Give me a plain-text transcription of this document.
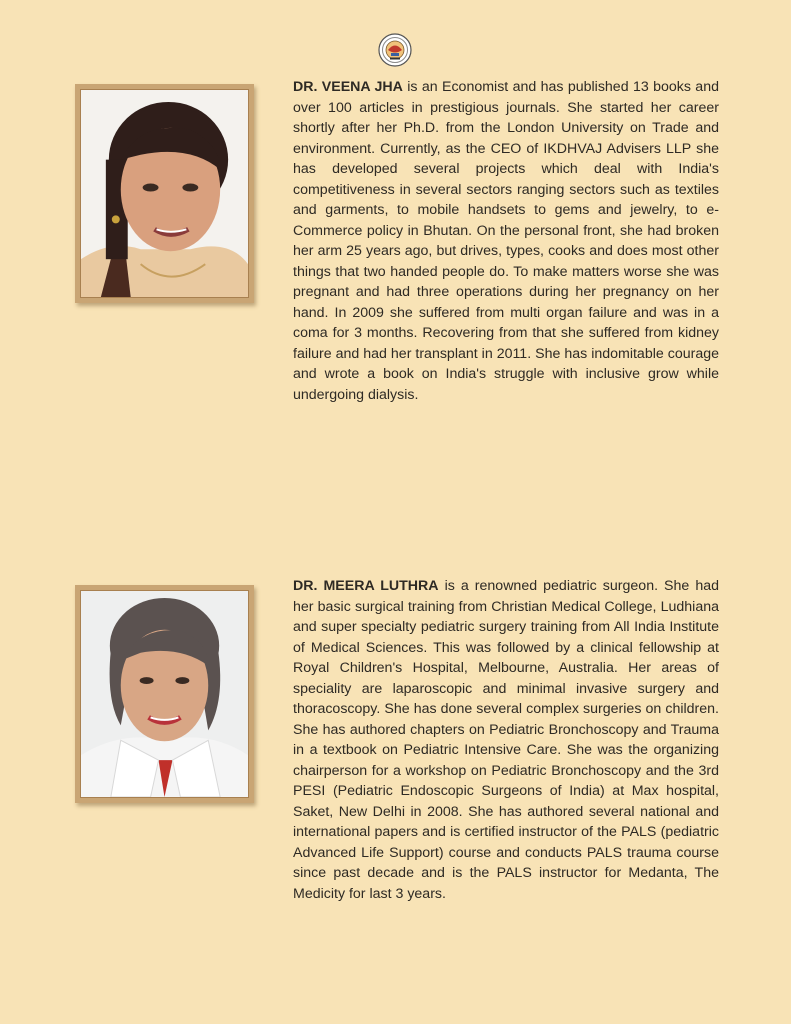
DR. VEENA JHA is an Economist and has published 13 books and over 100 articles in prestigious journals. She started her career shortly after her Ph.D. from the London University on Trade and environment. Currently, as the CEO of IKDHVAJ Advisers LLP she has developed several projects which deal with India's competitiveness in several sectors ranging sectors such as textiles and garments, to mobile handsets to gems and jewelry, to e-Commerce policy in Bhutan. On the personal front, she had broken her arm 25 years ago, but drives, types, cooks and does most other things that two handed people do. To make matters worse she was pregnant and had three operations during her pregnancy on her hand. In 2009 she suffered from multi organ failure and was in a coma for 3 months. Recovering from that she suffered from kidney failure and had her transplant in 2011. She has indomitable courage and wrote a book on India's struggle with inclusive grow while undergoing dialysis.

DR. MEERA LUTHRA is a renowned pediatric surgeon. She had her basic surgical training from Christian Medical College, Ludhiana and super specialty pediatric surgery training from All India Institute of Medical Sciences. This was followed by a clinical fellowship at Royal Children's Hospital, Melbourne, Australia. Her areas of speciality are laparoscopic and minimal invasive surgery and thoracoscopy. She has done several complex surgeries on children. She has authored chapters on Pediatric Bronchoscopy and Trauma in a textbook on Pediatric Intensive Care. She was the organizing chairperson for a workshop on Pediatric Bronchoscopy and the 3rd PESI (Pediatric Endoscopic Surgeons of India) at Max hospital, Saket, New Delhi in 2008. She has authored several national and international papers and is certified instructor of the PALS (pediatric Advanced Life Support) course and conducts PALS trauma course since past decade and is the PALS instructor for Medanta, The Medicity for last 3 years.
